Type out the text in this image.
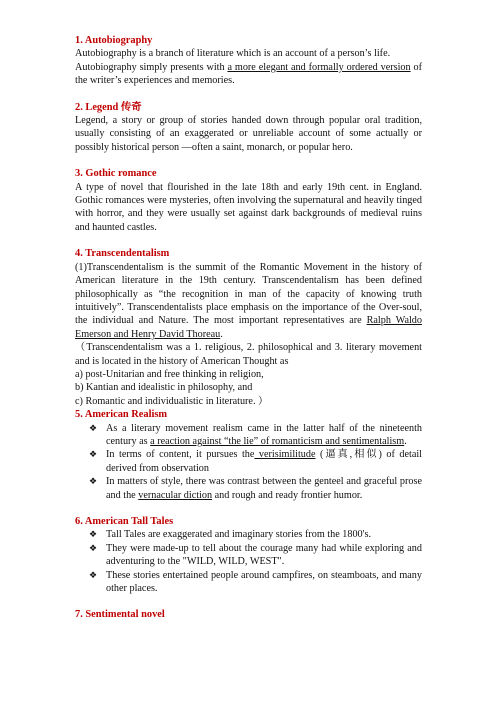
1. Autobiography

Autobiography is a branch of literature which is an account of a person’s life.

Autobiography simply presents with a more elegant and formally ordered version of the writer’s experiences and memories.

2. Legend 传奇

Legend, a story or group of stories handed down through popular oral tradition, usually consisting of an exaggerated or unreliable account of some actually or possibly historical person —often a saint, monarch, or popular hero.

3. Gothic romance

A type of novel that flourished in the late 18th and early 19th cent. in England. Gothic romances were mysteries, often involving the supernatural and heavily tinged with horror, and they were usually set against dark backgrounds of medieval ruins and haunted castles.

4. Transcendentalism

(1)Transcendentalism is the summit of the Romantic Movement in the history of American literature in the 19th century. Transcendentalism has been defined philosophically as “the recognition in man of the capacity of knowing truth intuitively”. Transcendentalists place emphasis on the importance of the Over-soul, the individual and Nature. The most important representatives are Ralph Waldo Emerson and Henry David Thoreau.

（Transcendentalism was a 1. religious, 2. philosophical and 3. literary movement and is located in the history of American Thought as

a) post-Unitarian and free thinking in religion,

b) Kantian and idealistic in philosophy, and

c) Romantic and individualistic in literature. ）

5. American Realism
❖ As a literary movement realism came in the latter half of the nineteenth century as a reaction against “the lie” of romanticism and sentimentalism.
❖ In terms of content, it pursues the verisimilitude (逼真,相似) of detail derived from observation
❖ In matters of style, there was contrast between the genteel and graceful prose and the vernacular diction and rough and ready frontier humor.
6. American Tall Tales
❖ Tall Tales are exaggerated and imaginary stories from the 1800's.
❖ They were made-up to tell about the courage many had while exploring and adventuring to the "WILD, WILD, WEST".
❖ These stories entertained people around campfires, on steamboats, and many other places.
7. Sentimental novel
